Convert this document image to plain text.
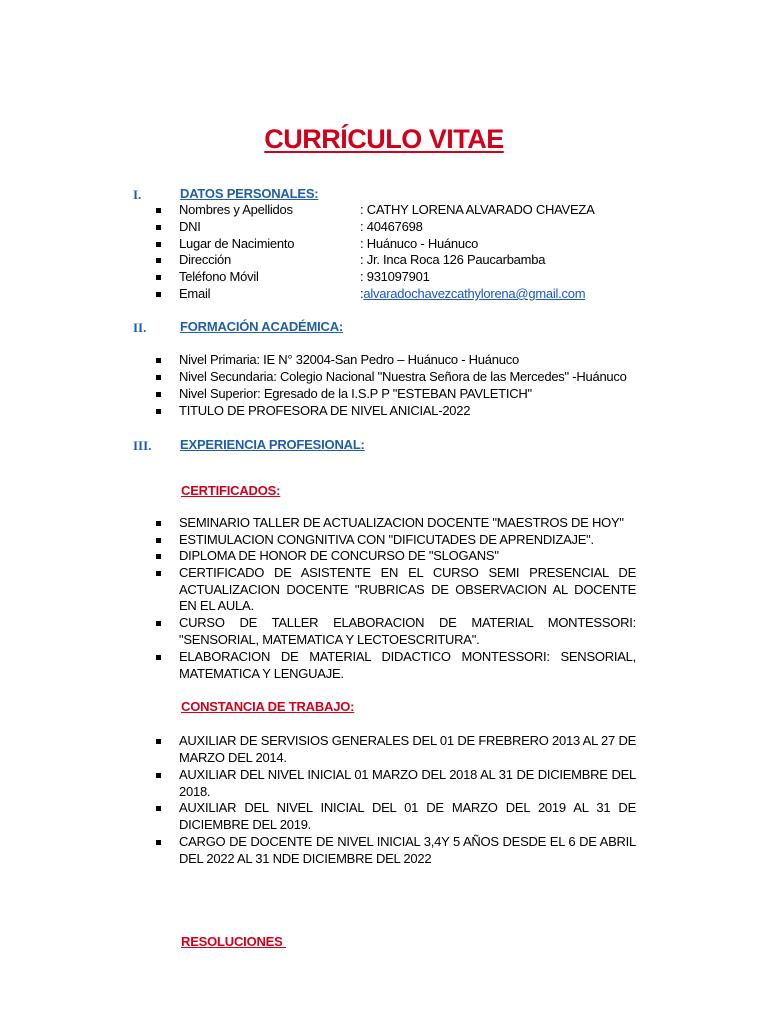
CURRÍCULO VITAE
I.	DATOS PERSONALES:
Nombres y Apellidos	: CATHY LORENA ALVARADO CHAVEZA
DNI	: 40467698
Lugar de Nacimiento	: Huánuco - Huánuco
Dirección	: Jr. Inca Roca 126 Paucarbamba
Teléfono Móvil	: 931097901
Email	:alvaradochavezcathylorena@gmail.com
II.	FORMACIÓN ACADÉMICA:
Nivel Primaria: IE N° 32004-San Pedro – Huánuco - Huánuco
Nivel Secundaria: Colegio Nacional "Nuestra Señora de las Mercedes" -Huánuco
Nivel Superior: Egresado de la I.S.P P "ESTEBAN PAVLETICH"
TITULO DE PROFESORA DE NIVEL ANICIAL-2022
III. EXPERIENCIA PROFESIONAL:
CERTIFICADOS:
SEMINARIO TALLER DE ACTUALIZACION DOCENTE "MAESTROS DE HOY"
ESTIMULACION CONGNITIVA CON "DIFICUTADES DE APRENDIZAJE".
DIPLOMA DE HONOR DE CONCURSO DE "SLOGANS"
CERTIFICADO DE ASISTENTE EN EL CURSO SEMI PRESENCIAL DE ACTUALIZACION DOCENTE "RUBRICAS DE OBSERVACION AL DOCENTE EN EL AULA.
CURSO DE TALLER ELABORACION DE MATERIAL MONTESSORI: "SENSORIAL, MATEMATICA Y LECTOESCRITURA".
ELABORACION DE MATERIAL DIDACTICO MONTESSORI: SENSORIAL, MATEMATICA Y LENGUAJE.
CONSTANCIA DE TRABAJO:
AUXILIAR DE SERVISIOS GENERALES DEL 01 DE FREBRERO 2013 AL 27 DE MARZO DEL 2014.
AUXILIAR DEL NIVEL INICIAL 01 MARZO DEL 2018 AL 31 DE DICIEMBRE DEL 2018.
AUXILIAR DEL NIVEL INICIAL DEL 01 DE MARZO DEL 2019 AL 31 DE DICIEMBRE DEL 2019.
CARGO DE DOCENTE DE NIVEL INICIAL 3,4Y 5 AÑOS DESDE EL 6 DE ABRIL DEL 2022 AL 31 NDE DICIEMBRE DEL 2022
RESOLUCIONES
